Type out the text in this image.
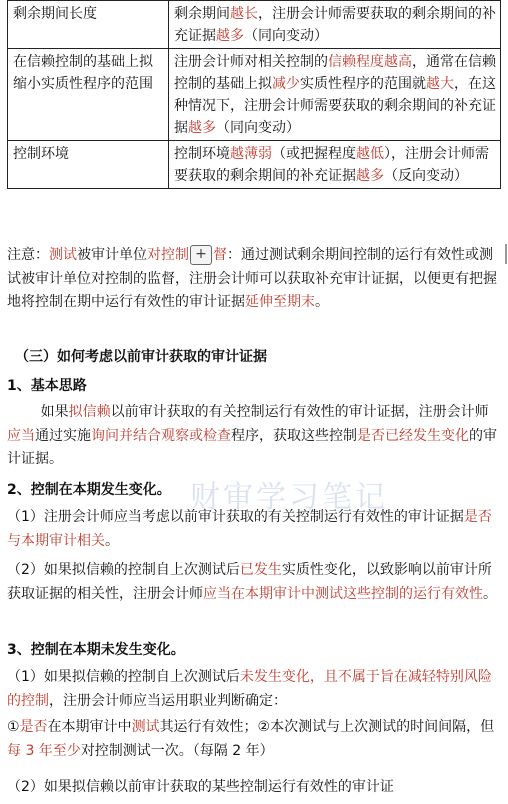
剩余期间长度	剩余期间越长，注册会计师需要获取的剩余期间的补充证据越多（同向变动）
在信赖控制的基础上拟缩小实质性程序的范围	注册会计师对相关控制的信赖程度越高，通常在信赖控制的基础上拟减少实质性程序的范围就越大，在这种情况下，注册会计师需要获取的剩余期间的补充证据越多（同向变动）
控制环境	控制环境越薄弱（或把握程度越低），注册会计师需要获取的剩余期间的补充证据越多（反向变动）
注意：测试被审计单位对控制 + 督：通过测试剩余期间控制的运行有效性或测试被审计单位对控制的监督，注册会计师可以获取补充审计证据，以便更有把握地将控制在期中运行有效性的审计证据延伸至期末。
（三）如何考虑以前审计获取的审计证据
1、基本思路
如果拟信赖以前审计获取的有关控制运行有效性的审计证据，注册会计师应当通过实施询问并结合观察或检查程序，获取这些控制是否已经发生变化的审计证据。
2、控制在本期发生变化。
（1）注册会计师应当考虑以前审计获取的有关控制运行有效性的审计证据是否与本期审计相关。
（2）如果拟信赖的控制自上次测试后已发生实质性变化，以致影响以前审计所获取证据的相关性，注册会计师应当在本期审计中测试这些控制的运行有效性。
3、控制在本期未发生变化。
（1）如果拟信赖的控制自上次测试后未发生变化，且不属于旨在减轻特别风险的控制，注册会计师应当运用职业判断确定：
①是否在本期审计中测试其运行有效性；②本次测试与上次测试的时间间隔，但每 3 年至少对控制测试一次。（每隔 2 年）
（2）如果拟信赖以前审计获取的某些控制运行有效性的审计证
财审学习笔记
